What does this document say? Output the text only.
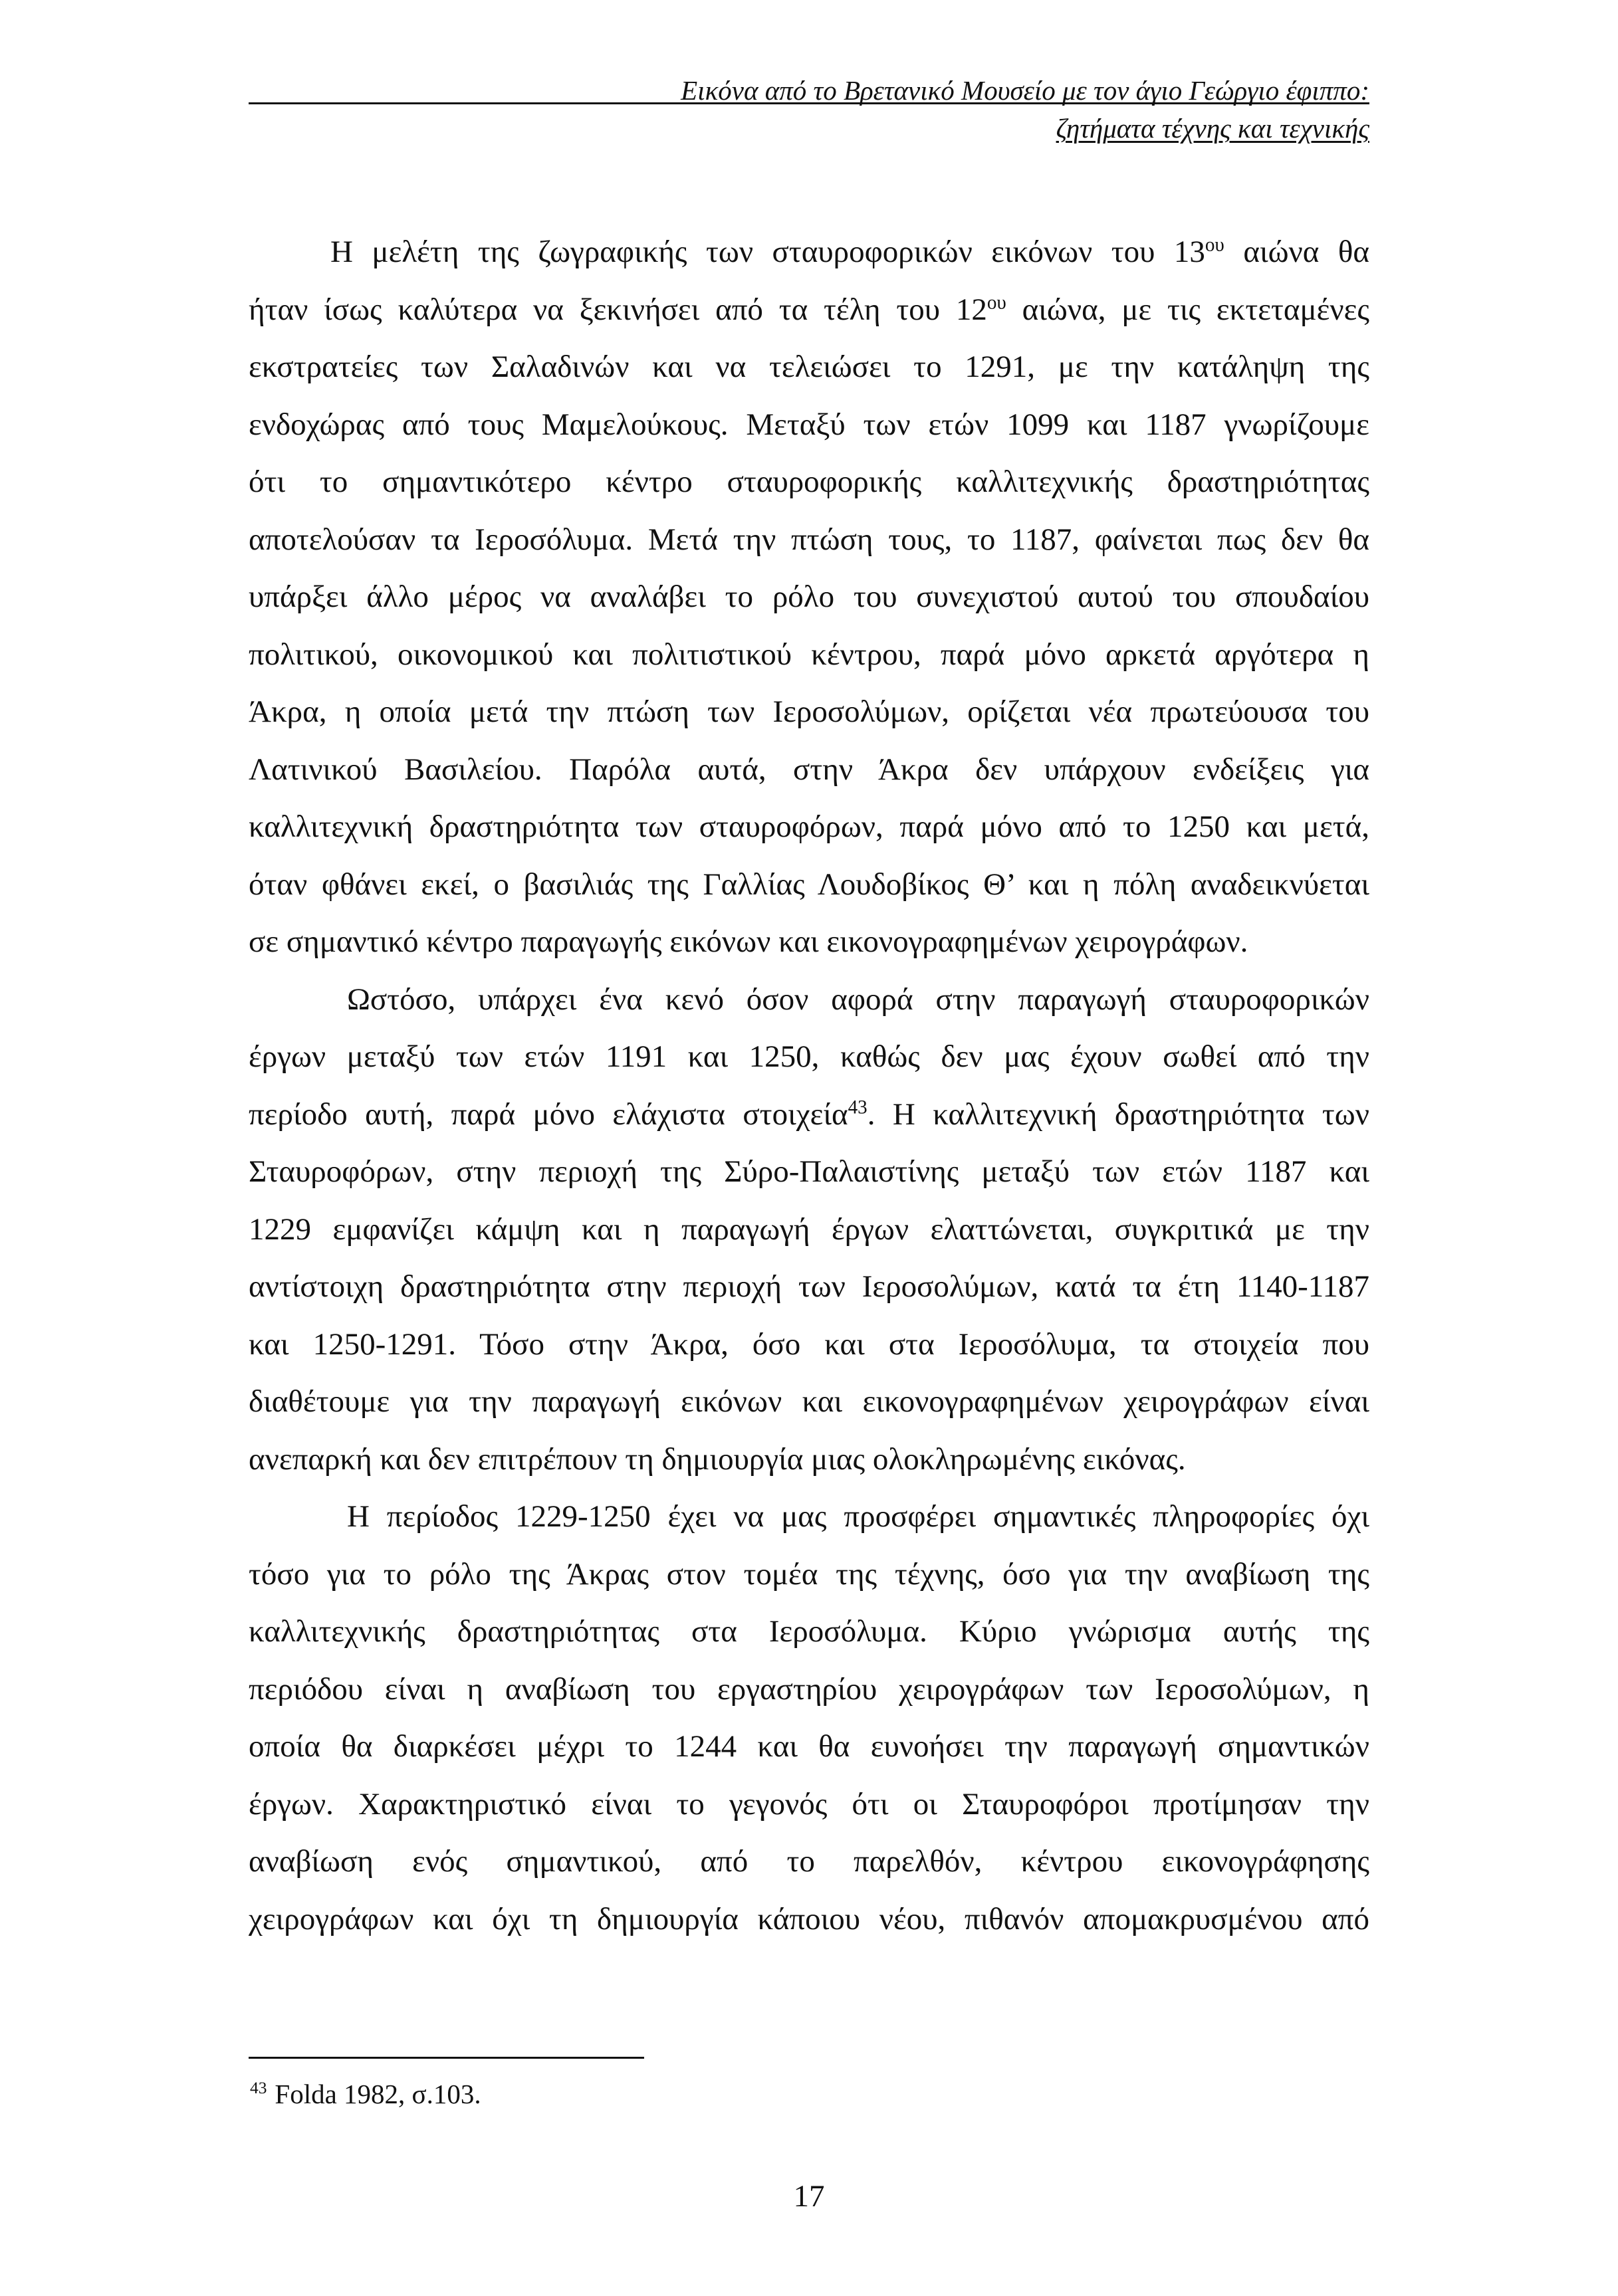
Εικόνα από το Βρετανικό Μουσείο με τον άγιο Γεώργιο έφιππο:
ζητήματα τέχνης και τεχνικής
Η μελέτη της ζωγραφικής των σταυροφορικών εικόνων του $13^{o\upsilon}$ αιώνα θα
ήταν ίσως καλύτερα να ξεκινήσει από τα τέλη του $12^{o\upsilon}$ αιώνα, με τις εκτεταμένες
εκστρατείες των Σαλαδινών και να τελειώσει το 1291, με την κατάληψη της
ενδοχώρας από τους Μαμελούκους. Μεταξύ των ετών 1099 και 1187 γνωρίζουμε
ότι το σημαντικότερο κέντρο σταυροφορικής καλλιτεχνικής δραστηριότητας
αποτελούσαν τα Ιεροσόλυμα. Μετά την πτώση τους, το 1187, φαίνεται πως δεν θα
υπάρξει άλλο μέρος να αναλάβει το ρόλο του συνεχιστού αυτού του σπουδαίου
πολιτικού, οικονομικού και πολιτιστικού κέντρου, παρά μόνο αρκετά αργότερα η
Άκρα, η οποία μετά την πτώση των Ιεροσολύμων, ορίζεται νέα πρωτεύουσα του
Λατινικού Βασιλείου. Παρόλα αυτά, στην Άκρα δεν υπάρχουν ενδείξεις για
καλλιτεχνική δραστηριότητα των σταυροφόρων, παρά μόνο από το 1250 και μετά,
όταν φθάνει εκεί, ο βασιλιάς της Γαλλίας Λουδοβίκος Θ’ και η πόλη αναδεικνύεται
σε σημαντικό κέντρο παραγωγής εικόνων και εικονογραφημένων χειρογράφων.
Ωστόσο, υπάρχει ένα κενό όσον αφορά στην παραγωγή σταυροφορικών
έργων μεταξύ των ετών 1191 και 1250, καθώς δεν μας έχουν σωθεί από την
περίοδο αυτή, παρά μόνο ελάχιστα στοιχεία$^{43}$. Η καλλιτεχνική δραστηριότητα των
Σταυροφόρων, στην περιοχή της Σύρο-Παλαιστίνης μεταξύ των ετών 1187 και
1229 εμφανίζει κάμψη και η παραγωγή έργων ελαττώνεται, συγκριτικά με την
αντίστοιχη δραστηριότητα στην περιοχή των Ιεροσολύμων, κατά τα έτη 1140-1187
και 1250-1291. Τόσο στην Άκρα, όσο και στα Ιεροσόλυμα, τα στοιχεία που
διαθέτουμε για την παραγωγή εικόνων και εικονογραφημένων χειρογράφων είναι
ανεπαρκή και δεν επιτρέπουν τη δημιουργία μιας ολοκληρωμένης εικόνας.
Η περίοδος 1229-1250 έχει να μας προσφέρει σημαντικές πληροφορίες όχι
τόσο για το ρόλο της Άκρας στον τομέα της τέχνης, όσο για την αναβίωση της
καλλιτεχνικής δραστηριότητας στα Ιεροσόλυμα. Κύριο γνώρισμα αυτής της
περιόδου είναι η αναβίωση του εργαστηρίου χειρογράφων των Ιεροσολύμων, η
οποία θα διαρκέσει μέχρι το 1244 και θα ευνοήσει την παραγωγή σημαντικών
έργων. Χαρακτηριστικό είναι το γεγονός ότι οι Σταυροφόροι προτίμησαν την
αναβίωση ενός σημαντικού, από το παρελθόν, κέντρου εικονογράφησης
χειρογράφων και όχι τη δημιουργία κάποιου νέου, πιθανόν απομακρυσμένου από
$^{43}$ Folda 1982, σ.103.
17
